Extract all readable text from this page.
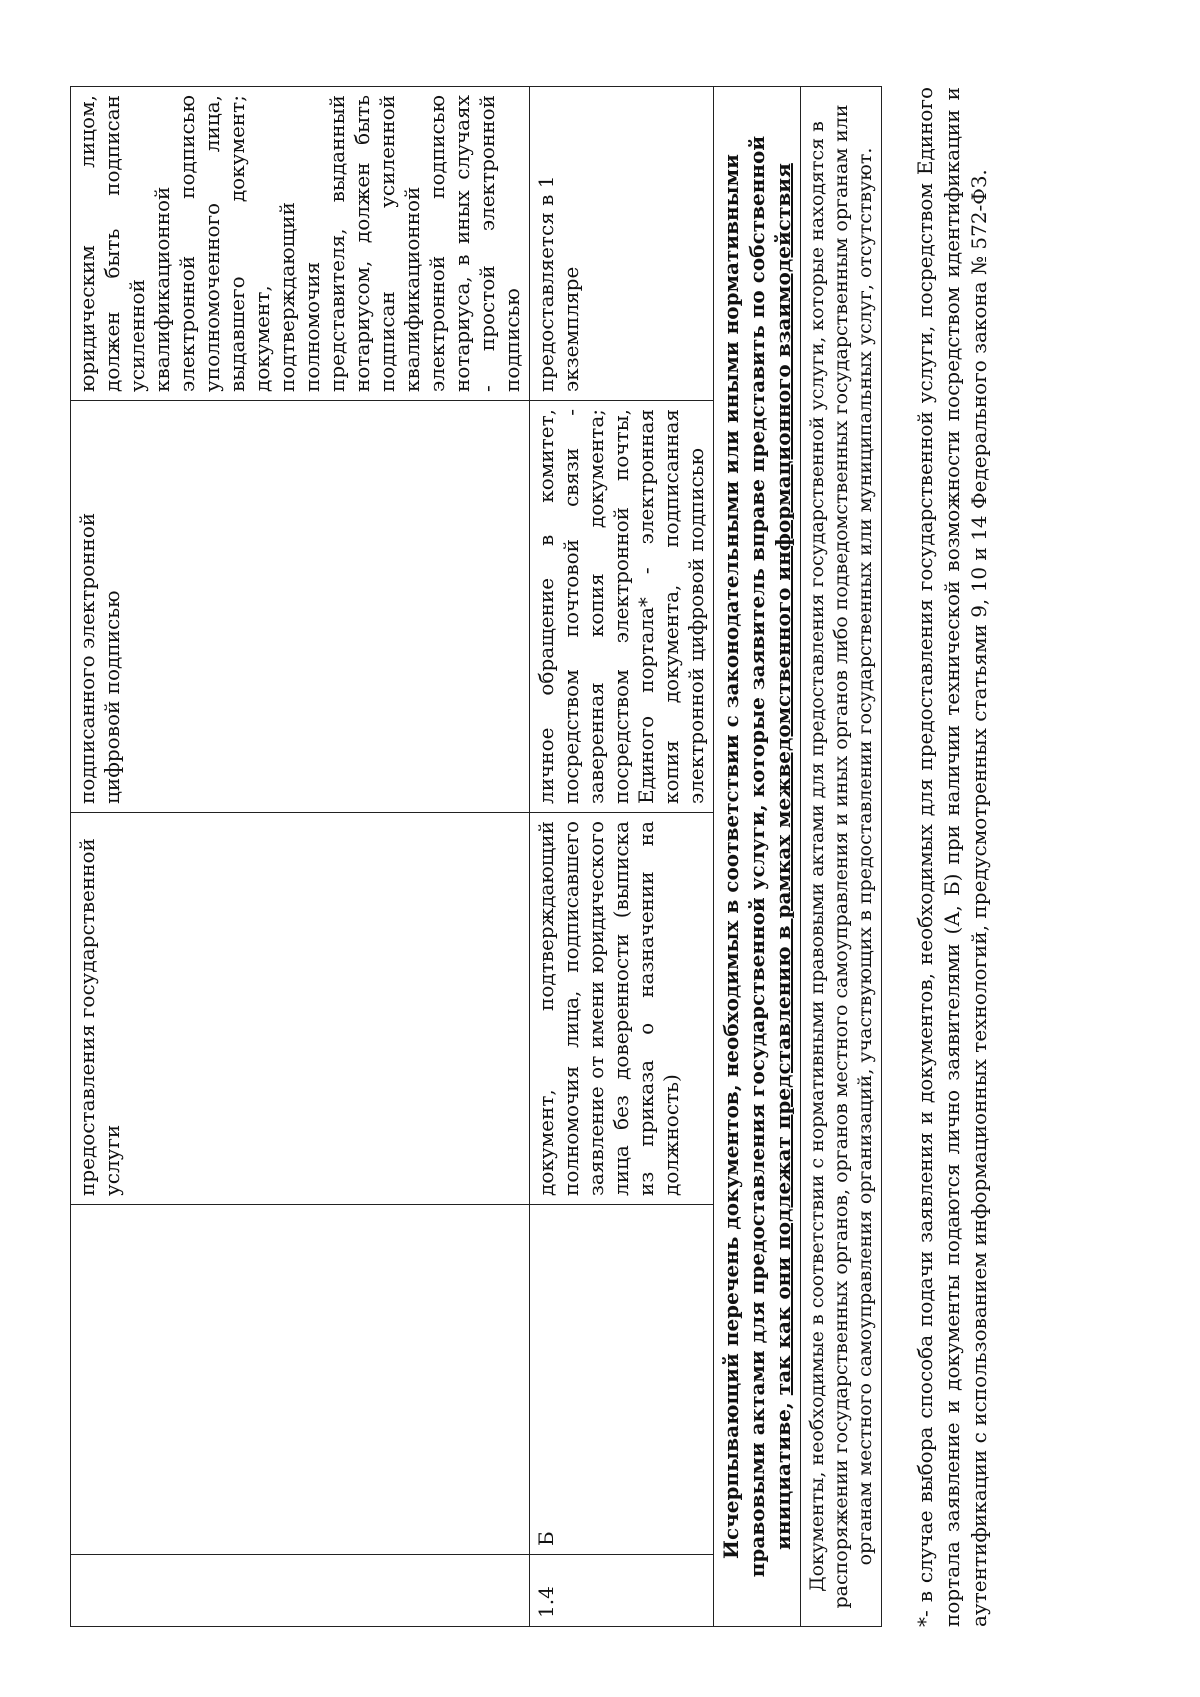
		предоставления государственной услуги	подписанного электронной цифровой подписью	юридическим лицом, должен быть подписан усиленной квалификационной электронной подписью уполномоченного лица, выдавшего документ; документ, подтверждающий полномочия представителя, выданный нотариусом, должен быть подписан усиленной квалификационной электронной подписью нотариуса, в иных случаях - простой электронной подписью
1.4	Б	документ, подтверждающий полномочия лица, подписавшего заявление от имени юридического лица без доверенности (выписка из приказа о назначении на должность)	личное обращение в комитет, посредством почтовой связи - заверенная копия документа; посредством электронной почты, Единого портала* - электронная копия документа, подписанная электронной цифровой подписью	предоставляется в 1 экземпляре
Исчерпывающий перечень документов, необходимых в соответствии с законодательными или иными нормативными правовыми актами для предоставления государственной услуги, которые заявитель вправе представить по собственной инициативе, так как они подлежат представлению в рамках межведомственного информационного взаимодействия				
Документы, необходимые в соответствии с нормативными правовыми актами для предоставления государственной услуги, которые находятся в распоряжении государственных органов, органов местного самоуправления и иных органов либо подведомственных государственным органам или органам местного самоуправления организаций, участвующих в предоставлении государственных или муниципальных услуг, отсутствуют.				*- в случае выбора способа подачи заявления и документов, необходимых для предоставления государственной услуги, посредством Единого портала заявление и документы подаются лично заявителями (А, Б) при наличии технической возможности посредством идентификации и аутентификации с использованием информационных технологий, предусмотренных статьями 9, 10 и 14 Федерального закона № 572-ФЗ.
